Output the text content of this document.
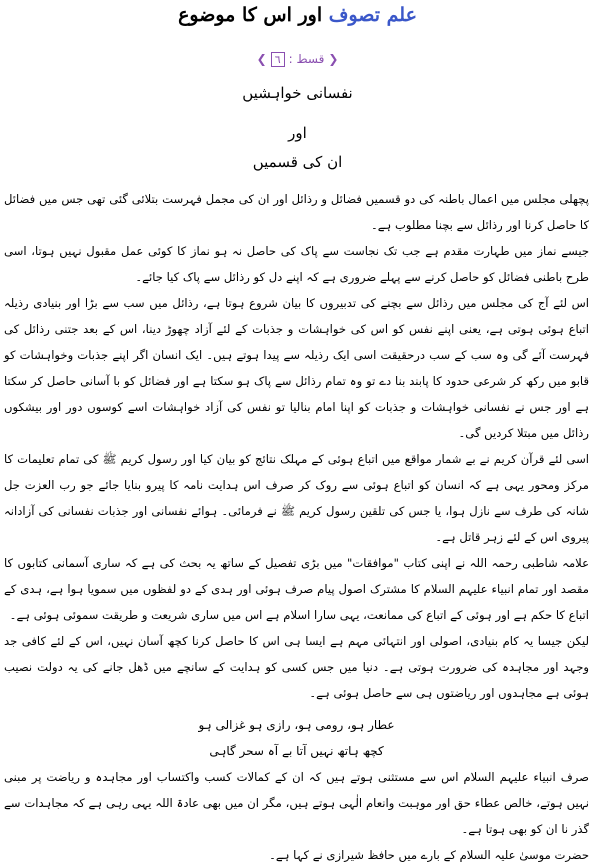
علم تصوف اور اس کا موضوع
❮
قسط :
٦
❯
نفسانی خواہشیں
اور
ان کی قسمیں

پچھلی مجلس میں اعمال باطنہ کی دو قسمیں فضائل و رذائل اور ان کی مجمل فہرست بتلائی گئی تھی جس میں فضائل کا حاصل کرنا اور رذائل سے بچنا مطلوب ہے۔

جیسے نماز میں طہارت مقدم ہے جب تک نجاست سے پاک کی حاصل نہ ہو نماز کا کوئی عمل مقبول نہیں ہوتا، اسی طرح باطنی فضائل کو حاصل کرنے سے پہلے ضروری ہے کہ اپنے دل کو رذائل سے پاک کیا جائے۔

اس لئے آج کی مجلس میں رذائل سے بچنے کی تدبیروں کا بیان شروع ہوتا ہے، رذائل میں سب سے بڑا اور بنیادی رذیلہ اتباع ہوئی ہوتی ہے، یعنی اپنے نفس کو اس کی خواہشات و جذبات کے لئے آزاد چھوڑ دینا، اس کے بعد جتنی رذائل کی فہرست آئے گی وہ سب کے سب درحقیقت اسی ایک رذیلہ سے پیدا ہوتے ہیں۔ ایک انسان اگر اپنے جذبات وخواہشات کو قابو میں رکھ کر شرعی حدود کا پابند بنا دے تو وہ تمام رذائل سے پاک ہو سکتا ہے اور فضائل کو با آسانی حاصل کر سکتا ہے اور جس نے نفسانی خواہشات و جذبات کو اپنا امام بنالیا تو نفس کی آزاد خواہشات اسے کوسوں دور اور بیشکوں رذائل میں مبتلا کردیں گی۔

اسی لئے قرآن کریم نے بے شمار مواقع میں اتباع ہوئی کے مہلک نتائج کو بیان کیا اور رسول کریم ﷺ کی تمام تعلیمات کا مرکز ومحور یہی ہے کہ انسان کو اتباع ہوئی سے روک کر صرف اس ہدایت نامہ کا پیرو بنایا جائے جو رب العزت جل شانہ کی طرف سے نازل ہوا، یا جس کی تلقین رسول کریم ﷺ نے فرمائی۔ ہوائے نفسانی اور جذبات نفسانی کی آزادانہ پیروی اس کے لئے زہر قاتل ہے۔

علامہ شاطبی رحمہ اللہ نے اپنی کتاب "موافقات" میں بڑی تفصیل کے ساتھ یہ بحث کی ہے کہ ساری آسمانی کتابوں کا مقصد اور تمام انبیاء علیہم السلام کا مشترک اصول پیام صرف ہوئی اور ہدی کے دو لفظوں میں سمویا ہوا ہے، ہدی کے اتباع کا حکم ہے اور ہوئی کے اتباع کی ممانعت، یہی سارا اسلام ہے اس میں ساری شریعت و طریقت سموئی ہوئی ہے۔

لیکن جیسا یہ کام بنیادی، اصولی اور انتہائی مہم ہے ایسا ہی اس کا حاصل کرنا کچھ آسان نہیں، اس کے لئے کافی جد وجہد اور مجاہدہ کی ضرورت ہوتی ہے۔ دنیا میں جس کسی کو ہدایت کے سانچے میں ڈھل جانے کی یہ دولت نصیب ہوئی ہے مجاہدوں اور ریاضتوں ہی سے حاصل ہوئی ہے۔

عطار ہو، رومی ہو، رازی ہو غزالی ہو

کچھ ہاتھ نہیں آتا بے آہ سحر گاہی

صرف انبیاء علیہم السلام اس سے مستثنی ہوتے ہیں کہ ان کے کمالات کسب واکتساب اور مجاہدہ و ریاضت پر مبنی نہیں ہوتے، خالص عطاء حق اور موہبت وانعام الٰہی ہوتے ہیں، مگر ان میں بھی عادۃ اللہ یہی رہی ہے کہ مجاہدات سے گذر نا ان کو بھی ہوتا ہے۔

حضرت موسیٰ علیہ السلام کے بارے میں حافظ شیرازی نے کہا ہے۔
